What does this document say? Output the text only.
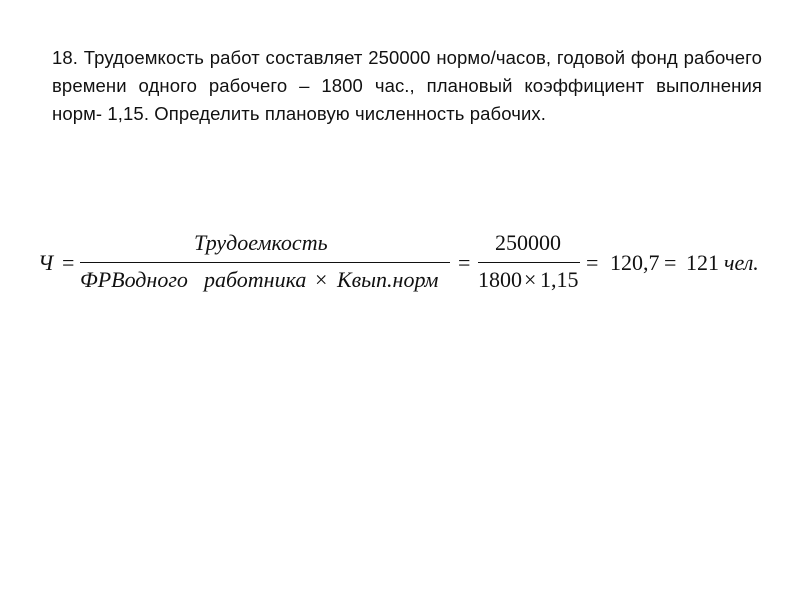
18. Трудоемкость работ составляет 250000 нормо/часов, годовой фонд рабочего времени одного рабочего – 1800 час., плановый коэффициент выполнения норм- 1,15. Определить плановую численность рабочих.
Ч =
Трудоемкость
ФРВодного работника × Квып.норм
=
250000
1800 × 1,15
= 120,7 = 121 чел.
